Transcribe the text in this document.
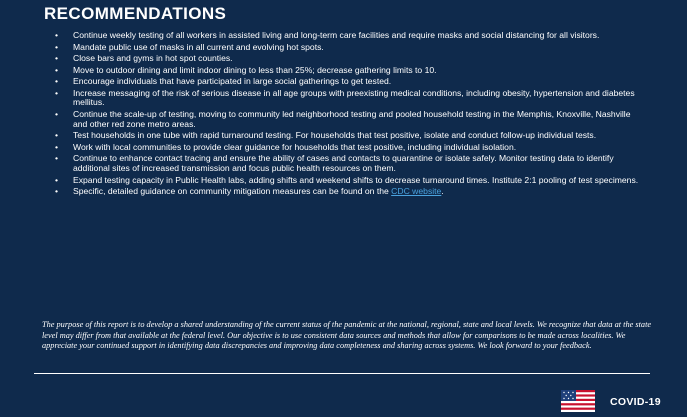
RECOMMENDATIONS
• Continue weekly testing of all workers in assisted living and long-term care facilities and require masks and social distancing for all visitors.
• Mandate public use of masks in all current and evolving hot spots.
• Close bars and gyms in hot spot counties.
• Move to outdoor dining and limit indoor dining to less than 25%; decrease gathering limits to 10.
• Encourage individuals that have participated in large social gatherings to get tested.
• Increase messaging of the risk of serious disease in all age groups with preexisting medical conditions, including obesity, hypertension and diabetes mellitus.
• Continue the scale-up of testing, moving to community led neighborhood testing and pooled household testing in the Memphis, Knoxville, Nashville and other red zone metro areas.
• Test households in one tube with rapid turnaround testing. For households that test positive, isolate and conduct follow-up individual tests.
• Work with local communities to provide clear guidance for households that test positive, including individual isolation.
• Continue to enhance contact tracing and ensure the ability of cases and contacts to quarantine or isolate safely. Monitor testing data to identify additional sites of increased transmission and focus public health resources on them.
• Expand testing capacity in Public Health labs, adding shifts and weekend shifts to decrease turnaround times. Institute 2:1 pooling of test specimens.
• Specific, detailed guidance on community mitigation measures can be found on the CDC website.

The purpose of this report is to develop a shared understanding of the current status of the pandemic at the national, regional, state and local levels. We recognize that data at the state level may differ from that available at the federal level. Our objective is to use consistent data sources and methods that allow for comparisons to be made across localities. We appreciate your continued support in identifying data discrepancies and improving data completeness and sharing across systems. We look forward to your feedback.

COVID-19
